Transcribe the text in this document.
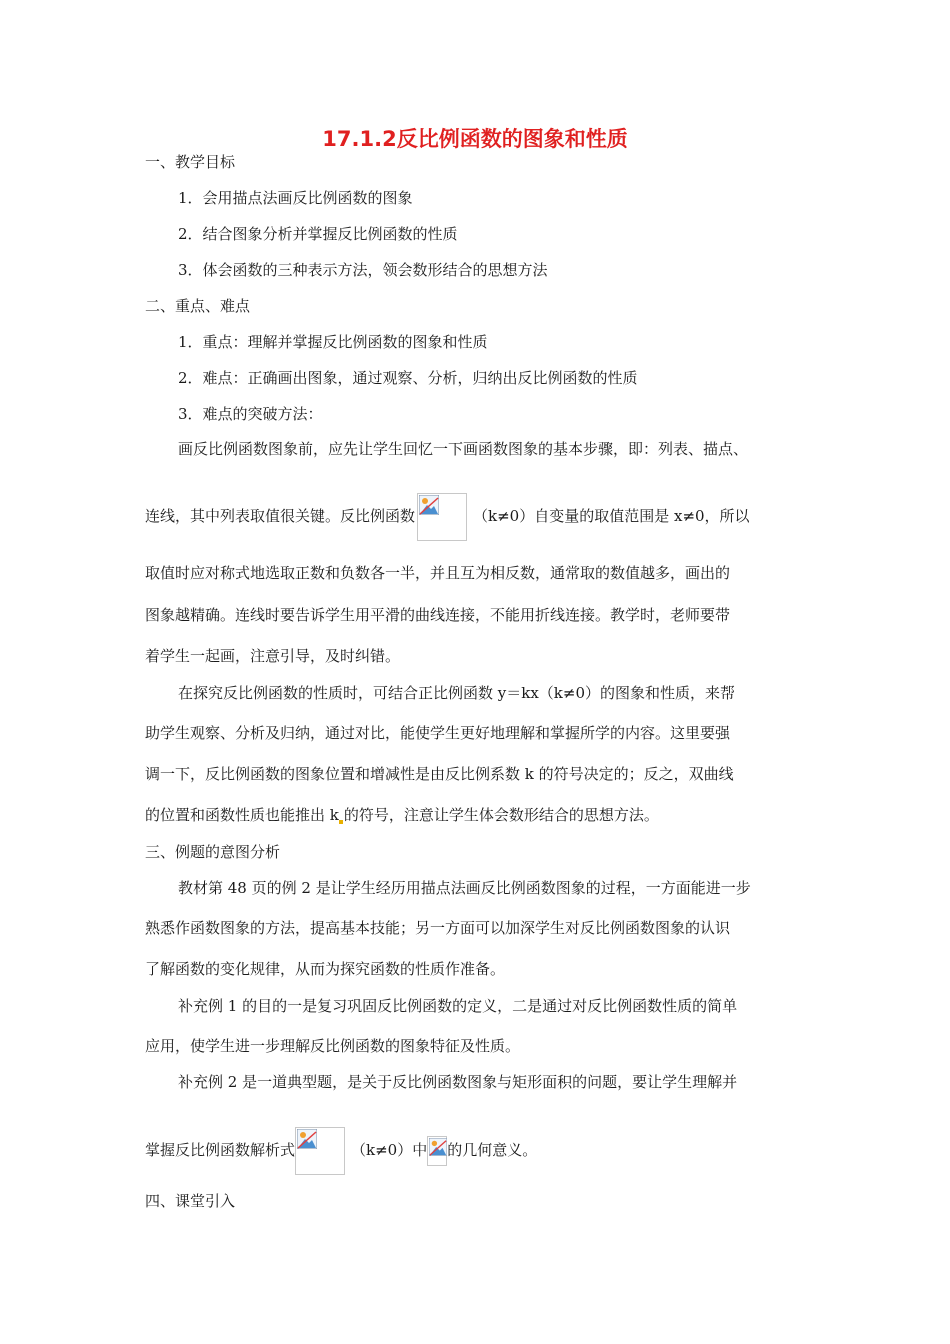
17.1.2反比例函数的图象和性质
一、教学目标
1．会用描点法画反比例函数的图象
2．结合图象分析并掌握反比例函数的性质
3．体会函数的三种表示方法，领会数形结合的思想方法
二、重点、难点
1．重点：理解并掌握反比例函数的图象和性质
2．难点：正确画出图象，通过观察、分析，归纳出反比例函数的性质
3．难点的突破方法：
画反比例函数图象前，应先让学生回忆一下画函数图象的基本步骤，即：列表、描点、
连线，其中列表取值很关键。反比例函数	（k≠0）自变量的取值范围是 x≠0，所以
取值时应对称式地选取正数和负数各一半，并且互为相反数，通常取的数值越多，画出的
图象越精确。连线时要告诉学生用平滑的曲线连接，不能用折线连接。教学时，老师要带
着学生一起画，注意引导，及时纠错。
在探究反比例函数的性质时，可结合正比例函数 y＝kx（k≠0）的图象和性质，来帮
助学生观察、分析及归纳，通过对比，能使学生更好地理解和掌握所学的内容。这里要强
调一下，反比例函数的图象位置和增减性是由反比例系数 k 的符号决定的；反之，双曲线
的位置和函数性质也能推出 k 的符号，注意让学生体会数形结合的思想方法。
三、例题的意图分析
教材第 48 页的例 2 是让学生经历用描点法画反比例函数图象的过程，一方面能进一步
熟悉作函数图象的方法，提高基本技能；另一方面可以加深学生对反比例函数图象的认识
了解函数的变化规律，从而为探究函数的性质作准备。
补充例 1 的目的一是复习巩固反比例函数的定义，二是通过对反比例函数性质的简单
应用，使学生进一步理解反比例函数的图象特征及性质。
补充例 2 是一道典型题，是关于反比例函数图象与矩形面积的问题，要让学生理解并
掌握反比例函数解析式	（k≠0）中 的几何意义。
四、课堂引入
